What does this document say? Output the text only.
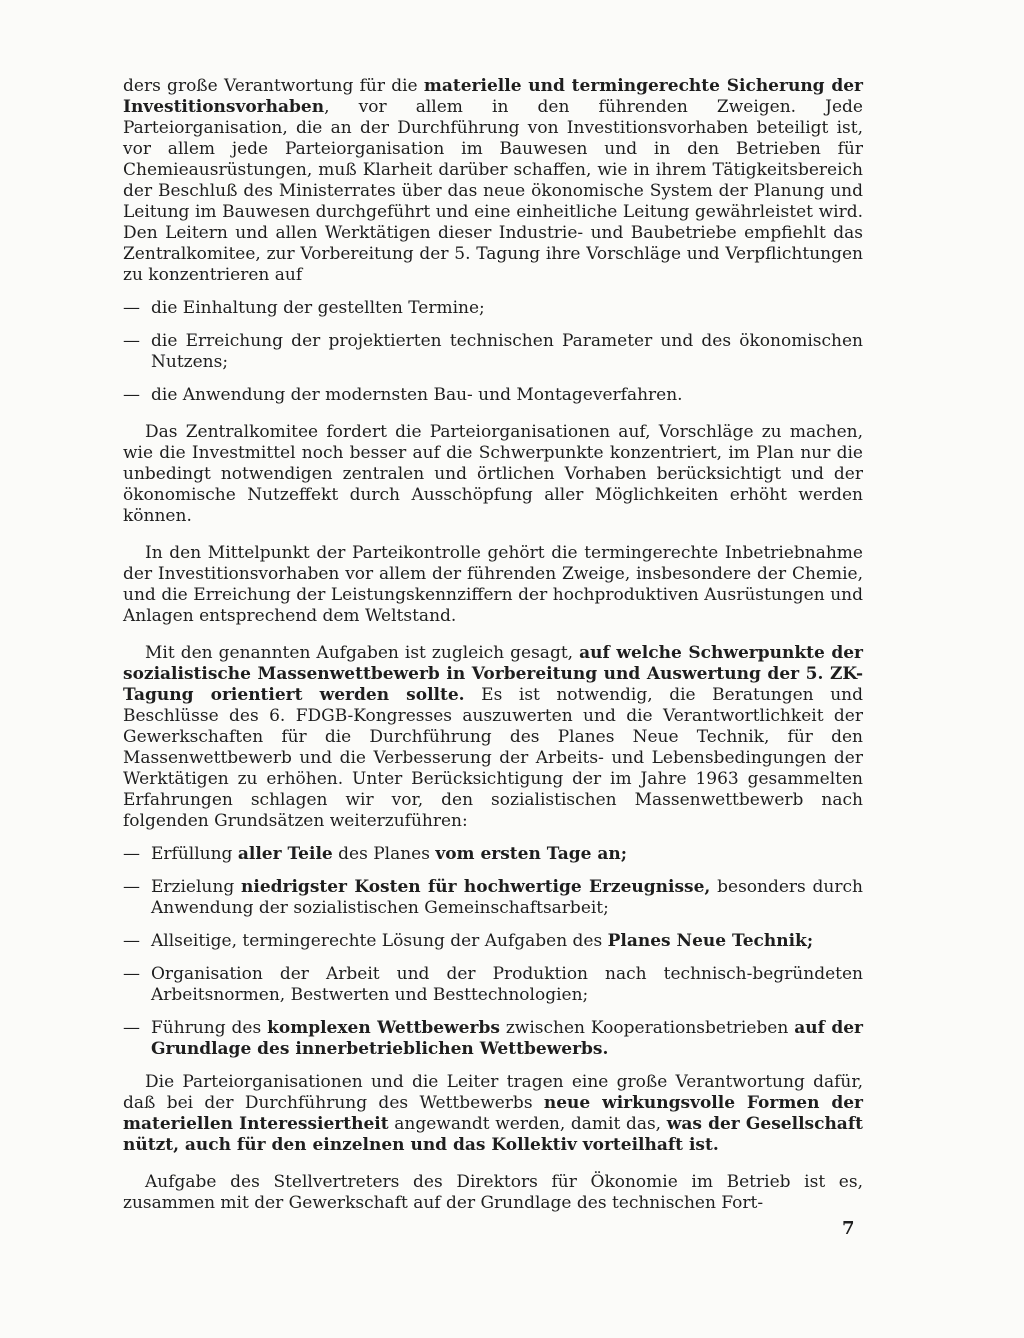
ders große Verantwortung für die materielle und termingerechte Sicherung der Investitionsvorhaben, vor allem in den führenden Zweigen. Jede Parteiorganisation, die an der Durchführung von Investitionsvorhaben beteiligt ist, vor allem jede Parteiorganisation im Bauwesen und in den Betrieben für Chemieausrüstungen, muß Klarheit darüber schaffen, wie in ihrem Tätigkeitsbereich der Beschluß des Ministerrates über das neue ökonomische System der Planung und Leitung im Bauwesen durchgeführt und eine einheitliche Leitung gewährleistet wird. Den Leitern und allen Werktätigen dieser Industrie- und Baubetriebe empfiehlt das Zentralkomitee, zur Vorbereitung der 5. Tagung ihre Vorschläge und Verpflichtungen zu konzentrieren auf

— die Einhaltung der gestellten Termine;
— die Erreichung der projektierten technischen Parameter und des ökonomischen Nutzens;
— die Anwendung der modernsten Bau- und Montageverfahren.

Das Zentralkomitee fordert die Parteiorganisationen auf, Vorschläge zu machen, wie die Investmittel noch besser auf die Schwerpunkte konzentriert, im Plan nur die unbedingt notwendigen zentralen und örtlichen Vorhaben berücksichtigt und der ökonomische Nutzeffekt durch Ausschöpfung aller Möglichkeiten erhöht werden können.

In den Mittelpunkt der Parteikontrolle gehört die termingerechte Inbetriebnahme der Investitionsvorhaben vor allem der führenden Zweige, insbesondere der Chemie, und die Erreichung der Leistungskennziffern der hochproduktiven Ausrüstungen und Anlagen entsprechend dem Weltstand.

Mit den genannten Aufgaben ist zugleich gesagt, auf welche Schwerpunkte der sozialistische Massenwettbewerb in Vorbereitung und Auswertung der 5. ZK-Tagung orientiert werden sollte. Es ist notwendig, die Beratungen und Beschlüsse des 6. FDGB-Kongresses auszuwerten und die Verantwortlichkeit der Gewerkschaften für die Durchführung des Planes Neue Technik, für den Massenwettbewerb und die Verbesserung der Arbeits- und Lebensbedingungen der Werktätigen zu erhöhen. Unter Berücksichtigung der im Jahre 1963 gesammelten Erfahrungen schlagen wir vor, den sozialistischen Massenwettbewerb nach folgenden Grundsätzen weiterzuführen:

— Erfüllung aller Teile des Planes vom ersten Tage an;
— Erzielung niedrigster Kosten für hochwertige Erzeugnisse, besonders durch Anwendung der sozialistischen Gemeinschaftsarbeit;
— Allseitige, termingerechte Lösung der Aufgaben des Planes Neue Technik;
— Organisation der Arbeit und der Produktion nach technisch-begründeten Arbeitsnormen, Bestwerten und Besttechnologien;
— Führung des komplexen Wettbewerbs zwischen Kooperationsbetrieben auf der Grundlage des innerbetrieblichen Wettbewerbs.

Die Parteiorganisationen und die Leiter tragen eine große Verantwortung dafür, daß bei der Durchführung des Wettbewerbs neue wirkungsvolle Formen der materiellen Interessiertheit angewandt werden, damit das, was der Gesellschaft nützt, auch für den einzelnen und das Kollektiv vorteilhaft ist.

Aufgabe des Stellvertreters des Direktors für Ökonomie im Betrieb ist es, zusammen mit der Gewerkschaft auf der Grundlage des technischen Fort-

7
